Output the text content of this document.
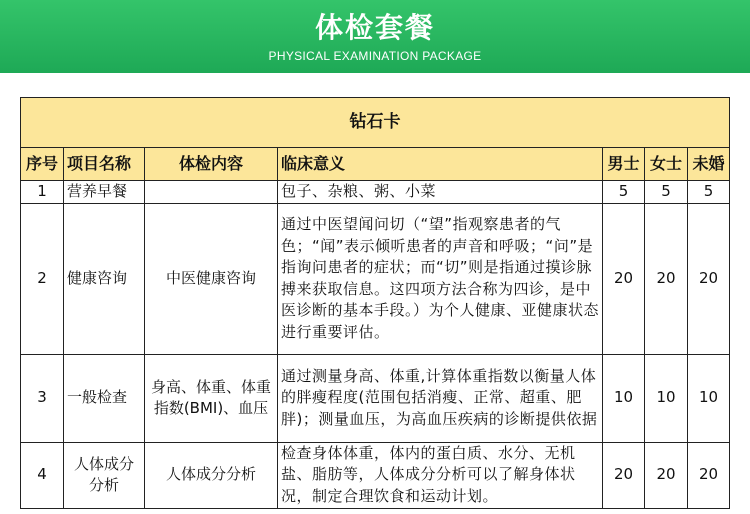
体检套餐
PHYSICAL EXAMINATION PACKAGE
钻石卡						
序号	项目名称	体检内容	临床意义	男士	女士	未婚
1	营养早餐		包子、杂粮、粥、小菜	5	5	5
2	健康咨询	中医健康咨询	通过中医望闻问切（“望”指观察患者的气色；“闻”表示倾听患者的声音和呼吸；“问”是指询问患者的症状；而“切”则是指通过摸诊脉搏来获取信息。这四项方法合称为四诊，是中医诊断的基本手段。）为个人健康、亚健康状态进行重要评估。	20	20	20
3	一般检查	身高、体重、体重指数(BMI)、血压	通过测量身高、体重,计算体重指数以衡量人体的胖瘦程度(范围包括消瘦、正常、超重、肥胖)；测量血压，为高血压疾病的诊断提供依据	10	10	10
4	人体成分分析	人体成分分析	检查身体体重，体内的蛋白质、水分、无机盐、脂肪等，人体成分分析可以了解身体状况，制定合理饮食和运动计划。	20	20	20
